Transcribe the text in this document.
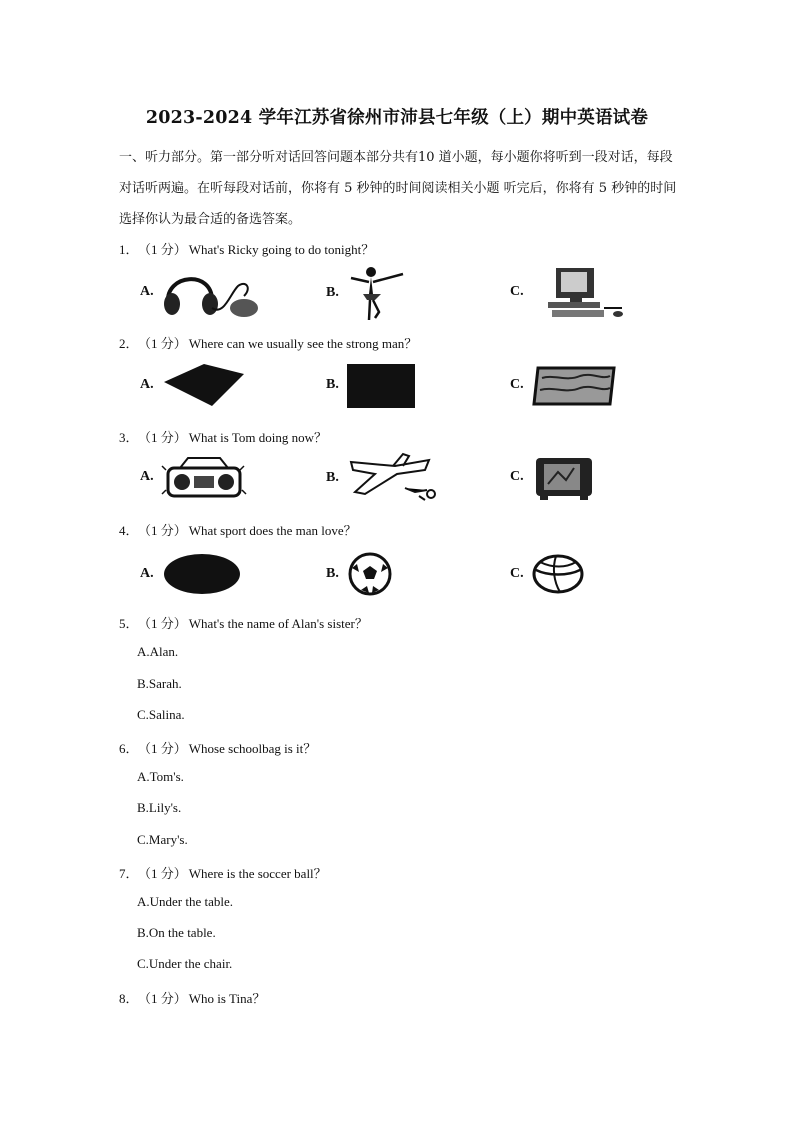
2023-2024 学年江苏省徐州市沛县七年级（上）期中英语试卷
一、听力部分。第一部分听对话回答问题本部分共有10 道小题，每小题你将听到一段对话，每段对话听两遍。在听每段对话前，你将有 5 秒钟的时间阅读相关小题 听完后，你将有 5 秒钟的时间选择你认为最合适的备选答案。
1． （1 分） What's Ricky going to do tonight？
A.	B.	C.
2． （1 分） Where can we usually see the strong man？
A.	B.	C.
3． （1 分） What is Tom doing now？
A.	B.	C.
4． （1 分） What sport does the man love？
A.	B.	C.
5． （1 分） What's the name of Alan's sister？
A.Alan.
B.Sarah.
C.Salina.
6． （1 分） Whose schoolbag is it？
A.Tom's.
B.Lily's.
C.Mary's.
7． （1 分） Where is the soccer ball？
A.Under the table.
B.On the table.
C.Under the chair.
8． （1 分） Who is Tina？
